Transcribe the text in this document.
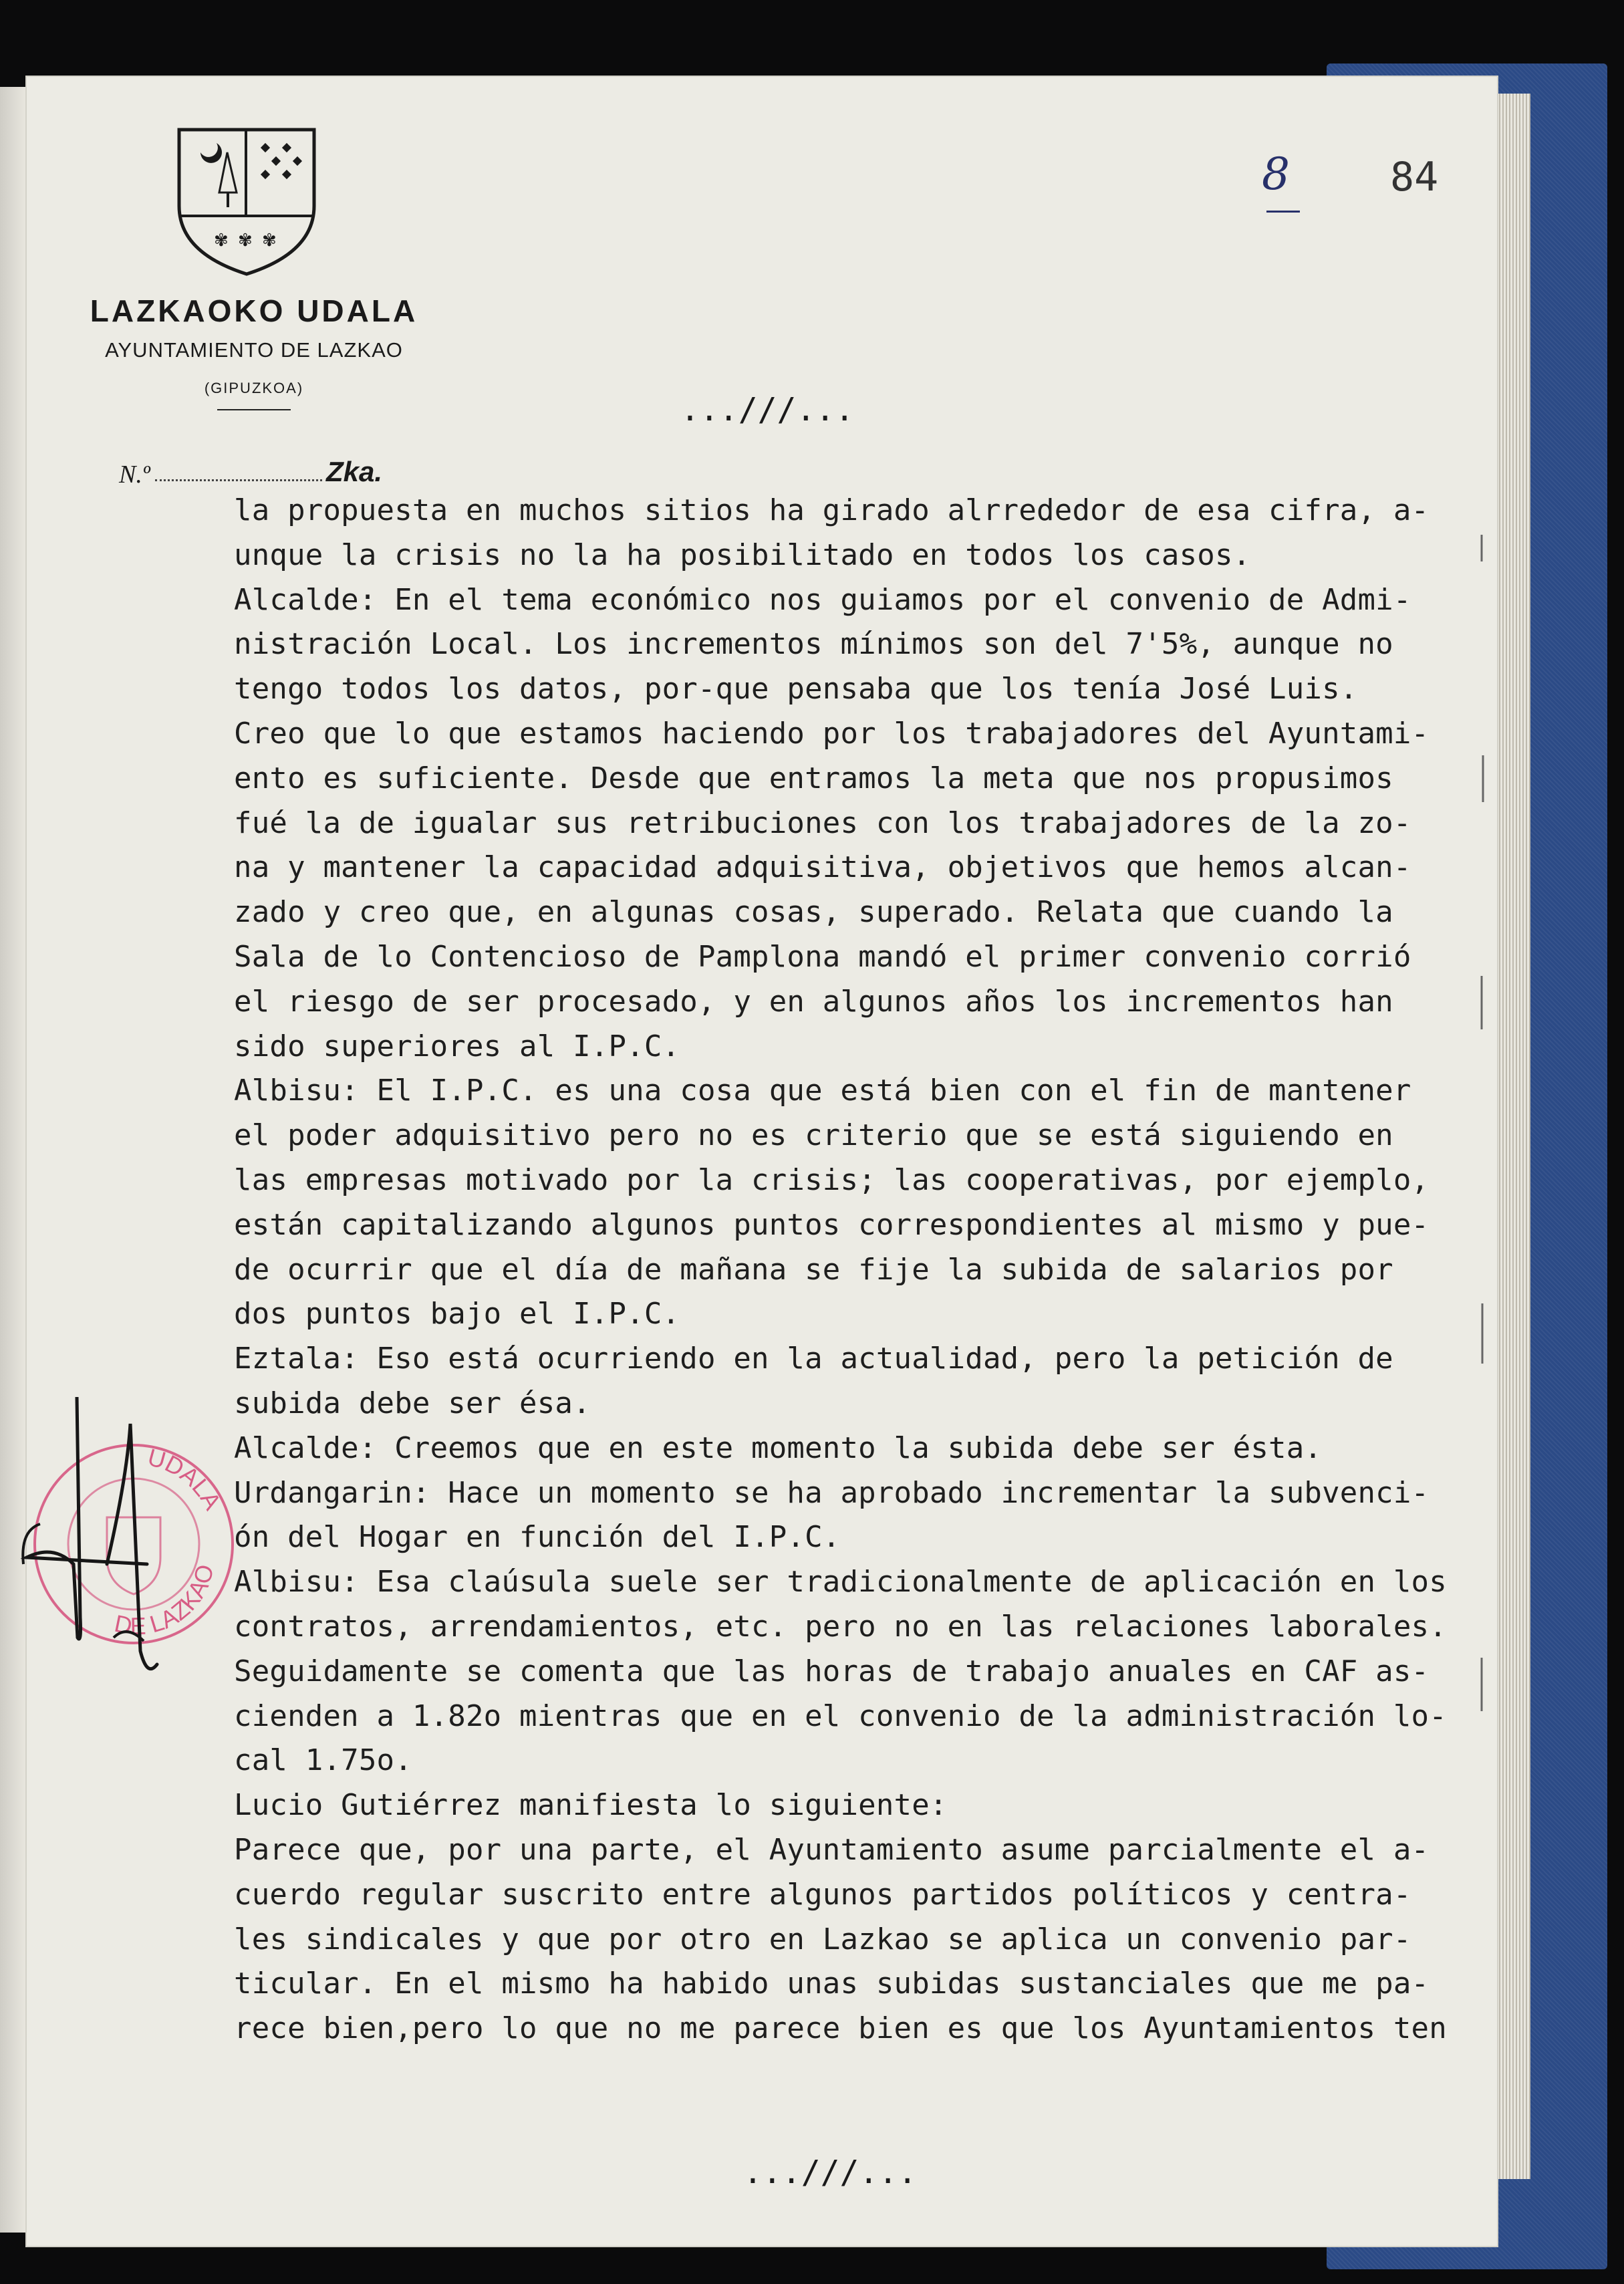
✾ ✾ ✾
LAZKAOKO UDALA
AYUNTAMIENTO DE LAZKAO
(GIPUZKOA)
8	84
...///...
N.º	Zka.
la propuesta en muchos sitios ha girado alrrededor de esa cifra, a-
unque la crisis no la ha posibilitado en todos los casos.
Alcalde: En el tema económico nos guiamos por el convenio de Admi-
nistración Local. Los incrementos mínimos son del 7'5%, aunque no
tengo todos los datos, por-que pensaba que los tenía José Luis.
Creo que lo que estamos haciendo por los trabajadores del Ayuntami-
ento es suficiente. Desde que entramos la meta que nos propusimos
fué la de igualar sus retribuciones con los trabajadores de la zo-
na y mantener la capacidad adquisitiva, objetivos que hemos alcan-
zado y creo que, en algunas cosas, superado. Relata que cuando la
Sala de lo Contencioso de Pamplona mandó el primer convenio corrió
el riesgo de ser procesado, y en algunos años los incrementos han
sido superiores al I.P.C.
Albisu: El I.P.C. es una cosa que está bien con el fin de mantener
el poder adquisitivo pero no es criterio que se está siguiendo en
las empresas motivado por la crisis; las cooperativas, por ejemplo,
están capitalizando algunos puntos correspondientes al mismo y pue-
de ocurrir que el día de mañana se fije la subida de salarios por
dos puntos bajo el I.P.C.
Eztala: Eso está ocurriendo en la actualidad, pero la petición de
subida debe ser ésa.
Alcalde: Creemos que en este momento la subida debe ser ésta.
Urdangarin: Hace un momento se ha aprobado incrementar la subvenci-
ón del Hogar en función del I.P.C.
Albisu: Esa claúsula suele ser tradicionalmente de aplicación en los
contratos, arrendamientos, etc. pero no en las relaciones laborales.
Seguidamente se comenta que las horas de trabajo anuales en CAF as-
cienden a 1.82o mientras que en el convenio de la administración lo-
cal 1.75o.
Lucio Gutiérrez manifiesta lo siguiente:
Parece que, por una parte, el Ayuntamiento asume parcialmente el a-
cuerdo regular suscrito entre algunos partidos políticos y centra-
les sindicales y que por otro en Lazkao se aplica un convenio par-
ticular. En el mismo ha habido unas subidas sustanciales que me pa-
rece bien,pero lo que no me parece bien es que los Ayuntamientos ten
...///...
UDALA
DE LAZKAO
